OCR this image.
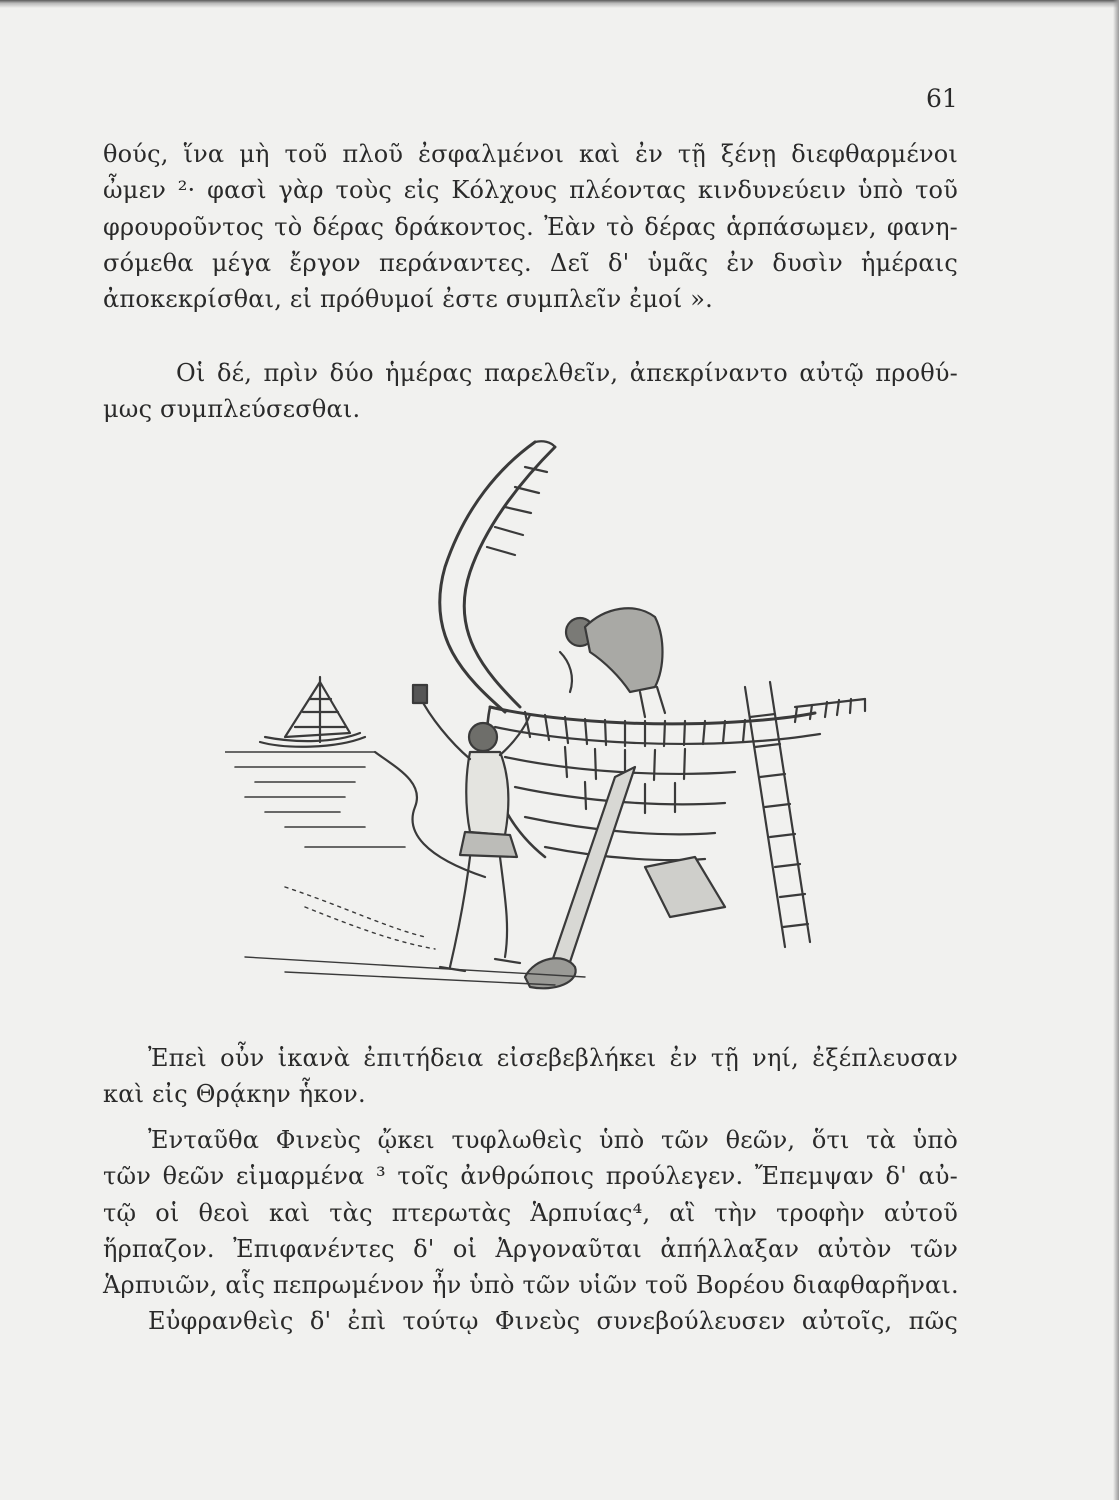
61
θούς, ἵνα μὴ τοῦ πλοῦ ἐσφαλμένοι καὶ ἐν τῇ ξένῃ διεφθαρμένοι
ὦμεν ²· φασὶ γὰρ τοὺς εἰς Κόλχους πλέοντας κινδυνεύειν ὑπὸ τοῦ
φρουροῦντος τὸ δέρας δράκοντος. Ἐὰν τὸ δέρας ἁρπάσωμεν, φανη-
σόμεθα μέγα ἔργον περάναντες. Δεῖ δ' ὑμᾶς ἐν δυσὶν ἡμέραις
ἀποκεκρίσθαι, εἰ πρόθυμοί ἐστε συμπλεῖν ἐμοί ».
Οἱ δέ, πρὶν δύο ἡμέρας παρελθεῖν, ἀπεκρίναντο αὐτῷ προθύ-
μως συμπλεύσεσθαι.
Ἐπεὶ οὖν ἱκανὰ ἐπιτήδεια εἰσεβεβλήκει ἐν τῇ νηί, ἐξέπλευσαν
καὶ εἰς Θρᾴκην ἧκον.
Ἐνταῦθα Φινεὺς ᾤκει τυφλωθεὶς ὑπὸ τῶν θεῶν, ὅτι τὰ ὑπὸ
τῶν θεῶν εἱμαρμένα ³ τοῖς ἀνθρώποις προύλεγεν. Ἔπεμψαν δ' αὐ-
τῷ οἱ θεοὶ καὶ τὰς πτερωτὰς Ἁρπυίας⁴, αἳ τὴν τροφὴν αὐτοῦ
ἥρπαζον. Ἐπιφανέντες δ' οἱ Ἀργοναῦται ἀπήλλαξαν αὐτὸν τῶν
Ἁρπυιῶν, αἷς πεπρωμένον ἦν ὑπὸ τῶν υἱῶν τοῦ Βορέου διαφθαρῆναι.
Εὐφρανθεὶς δ' ἐπὶ τούτῳ Φινεὺς συνεβούλευσεν αὐτοῖς, πῶς
